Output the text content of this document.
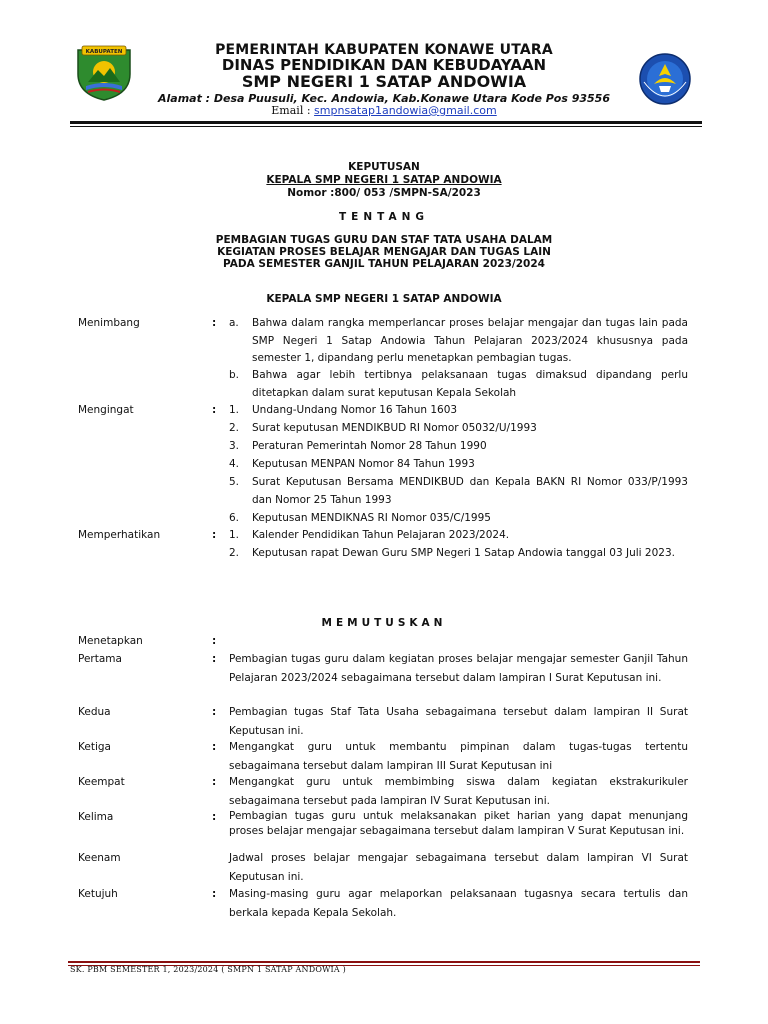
KABUPATEN	PEMERINTAH KABUPATEN KONAWE UTARA
DINAS PENDIDIKAN DAN KEBUDAYAAN
SMP NEGERI 1 SATAP ANDOWIA
Alamat : Desa Puusuli, Kec. Andowia, Kab.Konawe Utara Kode Pos 93556
Email : smpnsatap1andowia@gmail.com
KEPUTUSAN
KEPALA SMP NEGERI 1 SATAP ANDOWIA
Nomor :800/ 053 /SMPN-SA/2023
TENTANG
PEMBAGIAN TUGAS GURU DAN STAF TATA USAHA DALAM
KEGIATAN PROSES BELAJAR MENGAJAR DAN TUGAS LAIN
PADA SEMESTER GANJIL TAHUN PELAJARAN 2023/2024
KEPALA SMP NEGERI 1 SATAP ANDOWIA
Menimbang	: a. Bahwa dalam rangka memperlancar proses belajar mengajar dan tugas lain pada SMP Negeri 1 Satap Andowia Tahun Pelajaran 2023/2024 khususnya pada semester 1, dipandang perlu menetapkan pembagian tugas.
b. Bahwa agar lebih tertibnya pelaksanaan tugas dimaksud dipandang perlu ditetapkan dalam surat keputusan Kepala Sekolah
Mengingat	: 1. Undang-Undang Nomor 16 Tahun 1603
2. Surat keputusan MENDIKBUD RI Nomor 05032/U/1993
3. Peraturan Pemerintah Nomor 28 Tahun 1990
4. Keputusan MENPAN Nomor 84 Tahun 1993
5. Surat Keputusan Bersama MENDIKBUD dan Kepala BAKN RI Nomor 033/P/1993 dan Nomor 25 Tahun 1993
6. Keputusan MENDIKNAS RI Nomor 035/C/1995
Memperhatikan	: 1. Kalender Pendidikan Tahun Pelajaran 2023/2024.
2. Keputusan rapat Dewan Guru SMP Negeri 1 Satap Andowia tanggal 03 Juli 2023.
MEMUTUSKAN
Menetapkan	:
Pertama	: Pembagian tugas guru dalam kegiatan proses belajar mengajar semester Ganjil Tahun Pelajaran 2023/2024 sebagaimana tersebut dalam lampiran I Surat Keputusan ini.
Kedua	: Pembagian tugas Staf Tata Usaha sebagaimana tersebut dalam lampiran II Surat Keputusan ini.
Ketiga	: Mengangkat guru untuk membantu pimpinan dalam tugas-tugas tertentu sebagaimana tersebut dalam lampiran III Surat Keputusan ini
Keempat	: Mengangkat guru untuk membimbing siswa dalam kegiatan ekstrakurikuler sebagaimana tersebut pada lampiran IV Surat Keputusan ini.
Kelima	: Pembagian tugas guru untuk melaksanakan piket harian yang dapat menunjang proses belajar mengajar sebagaimana tersebut dalam lampiran V Surat Keputusan ini.
Keenam	Jadwal proses belajar mengajar sebagaimana tersebut dalam lampiran VI Surat Keputusan ini.
Ketujuh	: Masing-masing guru agar melaporkan pelaksanaan tugasnya secara tertulis dan berkala kepada Kepala Sekolah.
SK. PBM SEMESTER 1, 2023/2024 ( SMPN 1 SATAP ANDOWIA )
